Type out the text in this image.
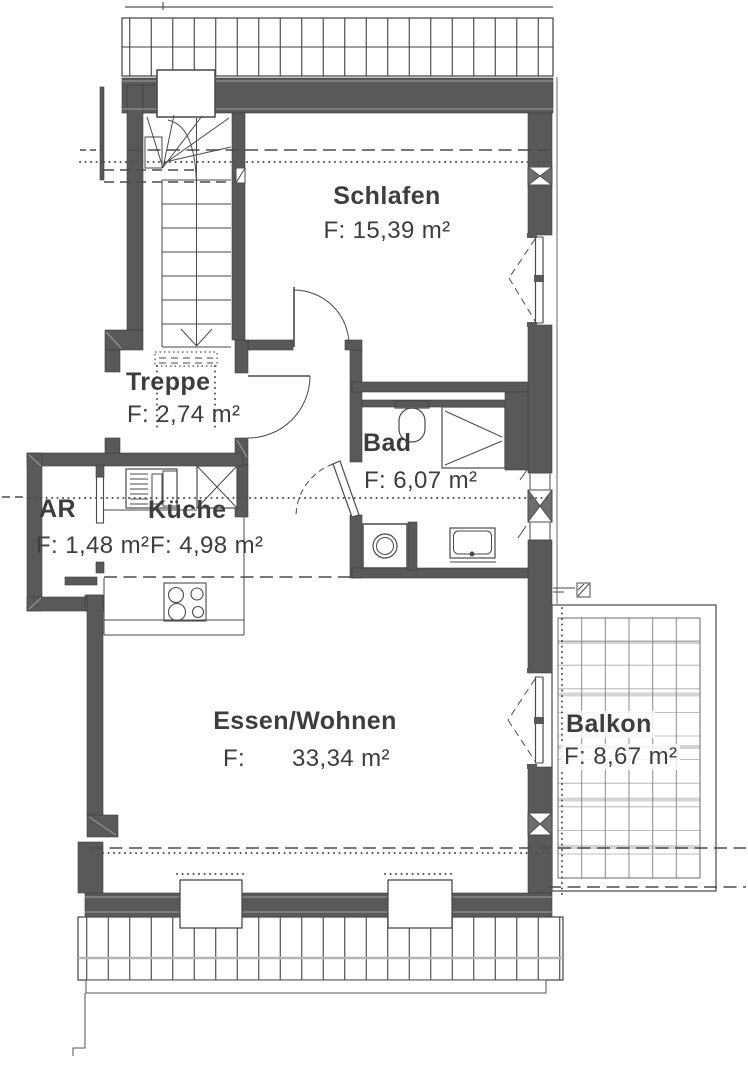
Schlafen
F: 15,39 m²
Treppe
F: 2,74 m²
Bad
F: 6,07 m²
AR
F: 1,48 m²
Küche
F: 4,98 m²
Essen/Wohnen
F: 33,34 m²
Balkon
F: 8,67 m²
